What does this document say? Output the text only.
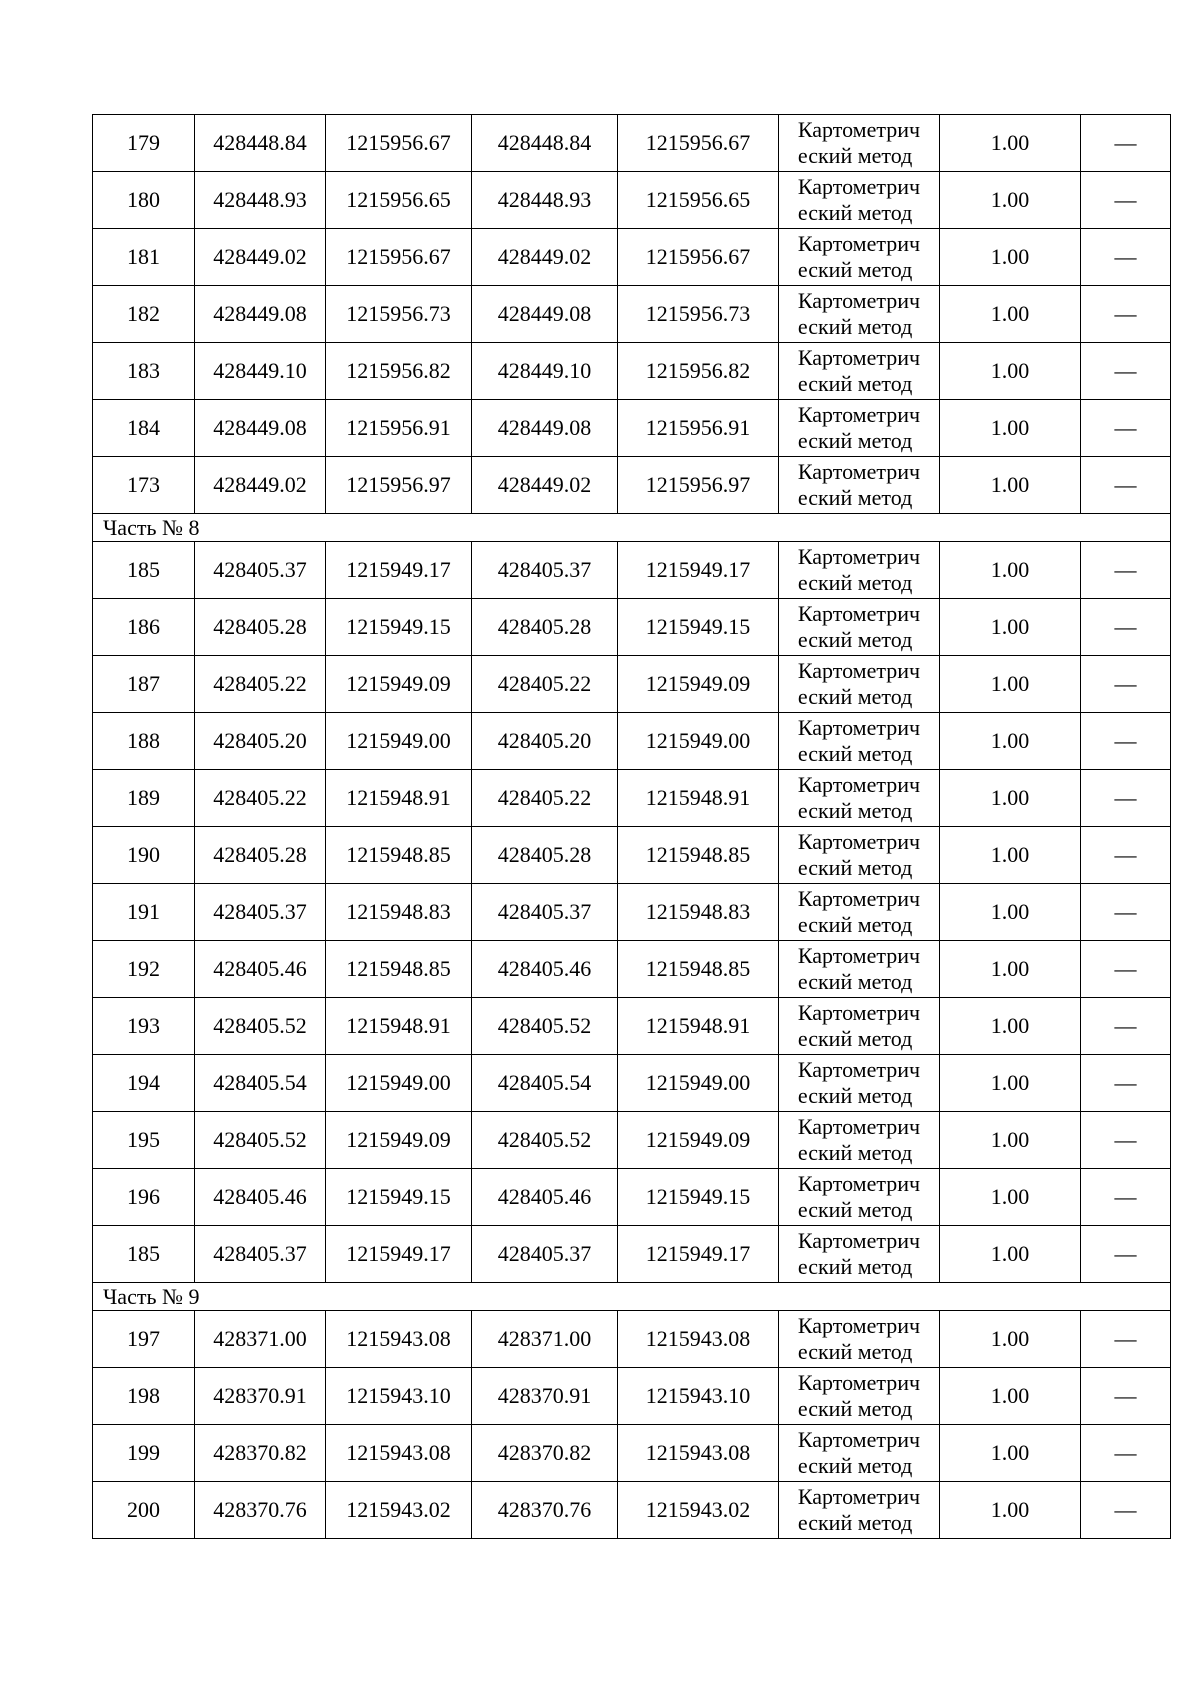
179	428448.84	1215956.67	428448.84	1215956.67	Картометрич
еский метод	1.00	—
180	428448.93	1215956.65	428448.93	1215956.65	Картометрич
еский метод	1.00	—
181	428449.02	1215956.67	428449.02	1215956.67	Картометрич
еский метод	1.00	—
182	428449.08	1215956.73	428449.08	1215956.73	Картометрич
еский метод	1.00	—
183	428449.10	1215956.82	428449.10	1215956.82	Картометрич
еский метод	1.00	—
184	428449.08	1215956.91	428449.08	1215956.91	Картометрич
еский метод	1.00	—
173	428449.02	1215956.97	428449.02	1215956.97	Картометрич
еский метод	1.00	—
Часть № 8							
185	428405.37	1215949.17	428405.37	1215949.17	Картометрич
еский метод	1.00	—
186	428405.28	1215949.15	428405.28	1215949.15	Картометрич
еский метод	1.00	—
187	428405.22	1215949.09	428405.22	1215949.09	Картометрич
еский метод	1.00	—
188	428405.20	1215949.00	428405.20	1215949.00	Картометрич
еский метод	1.00	—
189	428405.22	1215948.91	428405.22	1215948.91	Картометрич
еский метод	1.00	—
190	428405.28	1215948.85	428405.28	1215948.85	Картометрич
еский метод	1.00	—
191	428405.37	1215948.83	428405.37	1215948.83	Картометрич
еский метод	1.00	—
192	428405.46	1215948.85	428405.46	1215948.85	Картометрич
еский метод	1.00	—
193	428405.52	1215948.91	428405.52	1215948.91	Картометрич
еский метод	1.00	—
194	428405.54	1215949.00	428405.54	1215949.00	Картометрич
еский метод	1.00	—
195	428405.52	1215949.09	428405.52	1215949.09	Картометрич
еский метод	1.00	—
196	428405.46	1215949.15	428405.46	1215949.15	Картометрич
еский метод	1.00	—
185	428405.37	1215949.17	428405.37	1215949.17	Картометрич
еский метод	1.00	—
Часть № 9							
197	428371.00	1215943.08	428371.00	1215943.08	Картометрич
еский метод	1.00	—
198	428370.91	1215943.10	428370.91	1215943.10	Картометрич
еский метод	1.00	—
199	428370.82	1215943.08	428370.82	1215943.08	Картометрич
еский метод	1.00	—
200	428370.76	1215943.02	428370.76	1215943.02	Картометрич
еский метод	1.00	—
